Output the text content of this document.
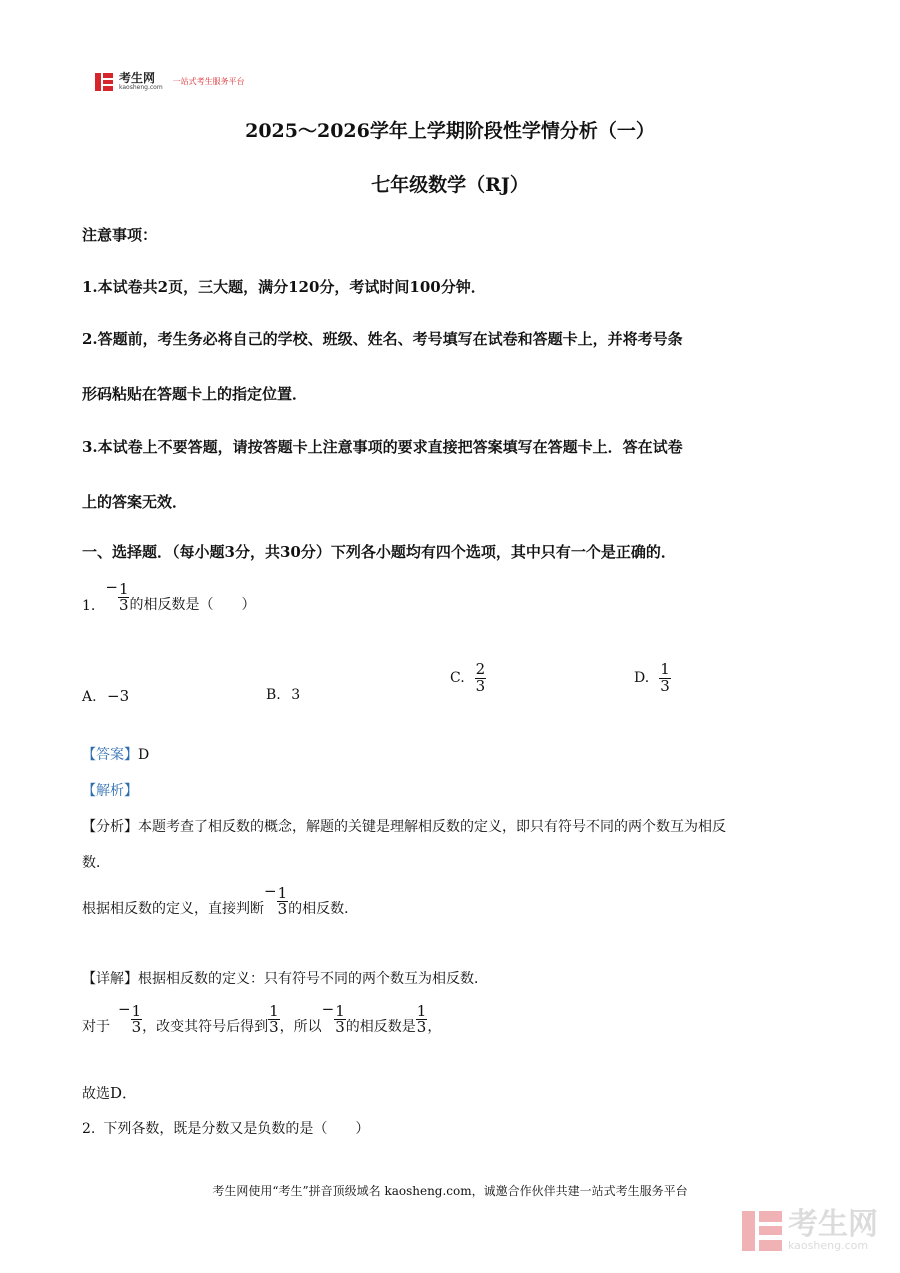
考生网
kaosheng.com
一站式考生服务平台
2025～2026学年上学期阶段性学情分析（一）
七年级数学（RJ）
注意事项：
1.本试卷共2页，三大题，满分120分，考试时间100分钟．
2.答题前，考生务必将自己的学校、班级、姓名、考号填写在试卷和答题卡上，并将考号条
形码粘贴在答题卡上的指定位置．
3.本试卷上不要答题，请按答题卡上注意事项的要求直接把答案填写在答题卡上．答在试卷
上的答案无效．
一、选择题．（每小题3分，共30分）下列各小题均有四个选项，其中只有一个是正确的．
1.
− $\frac{1}{3}$ 的相反数是（　　）
A. −3	B. 3
C. $\frac{2}{3}$	D. $\frac{1}{3}$
【答案】D
【解析】
【分析】本题考查了相反数的概念，解题的关键是理解相反数的定义，即只有符号不同的两个数互为相反
数．
根据相反数的定义，直接判断
− $\frac{1}{3}$ 的相反数．
【详解】根据相反数的定义：只有符号不同的两个数互为相反数．
对于
− $\frac{1}{3}$ ，改变其符号后得到 $\frac{1}{3}$ ，所以
− $\frac{1}{3}$ 的相反数是 $\frac{1}{3}$ ，
故选D．
2. 下列各数，既是分数又是负数的是（　　）
考生网使用“考生”拼音顶级域名 kaosheng.com，诚邀合作伙伴共建一站式考生服务平台
考生网
kaosheng.com
